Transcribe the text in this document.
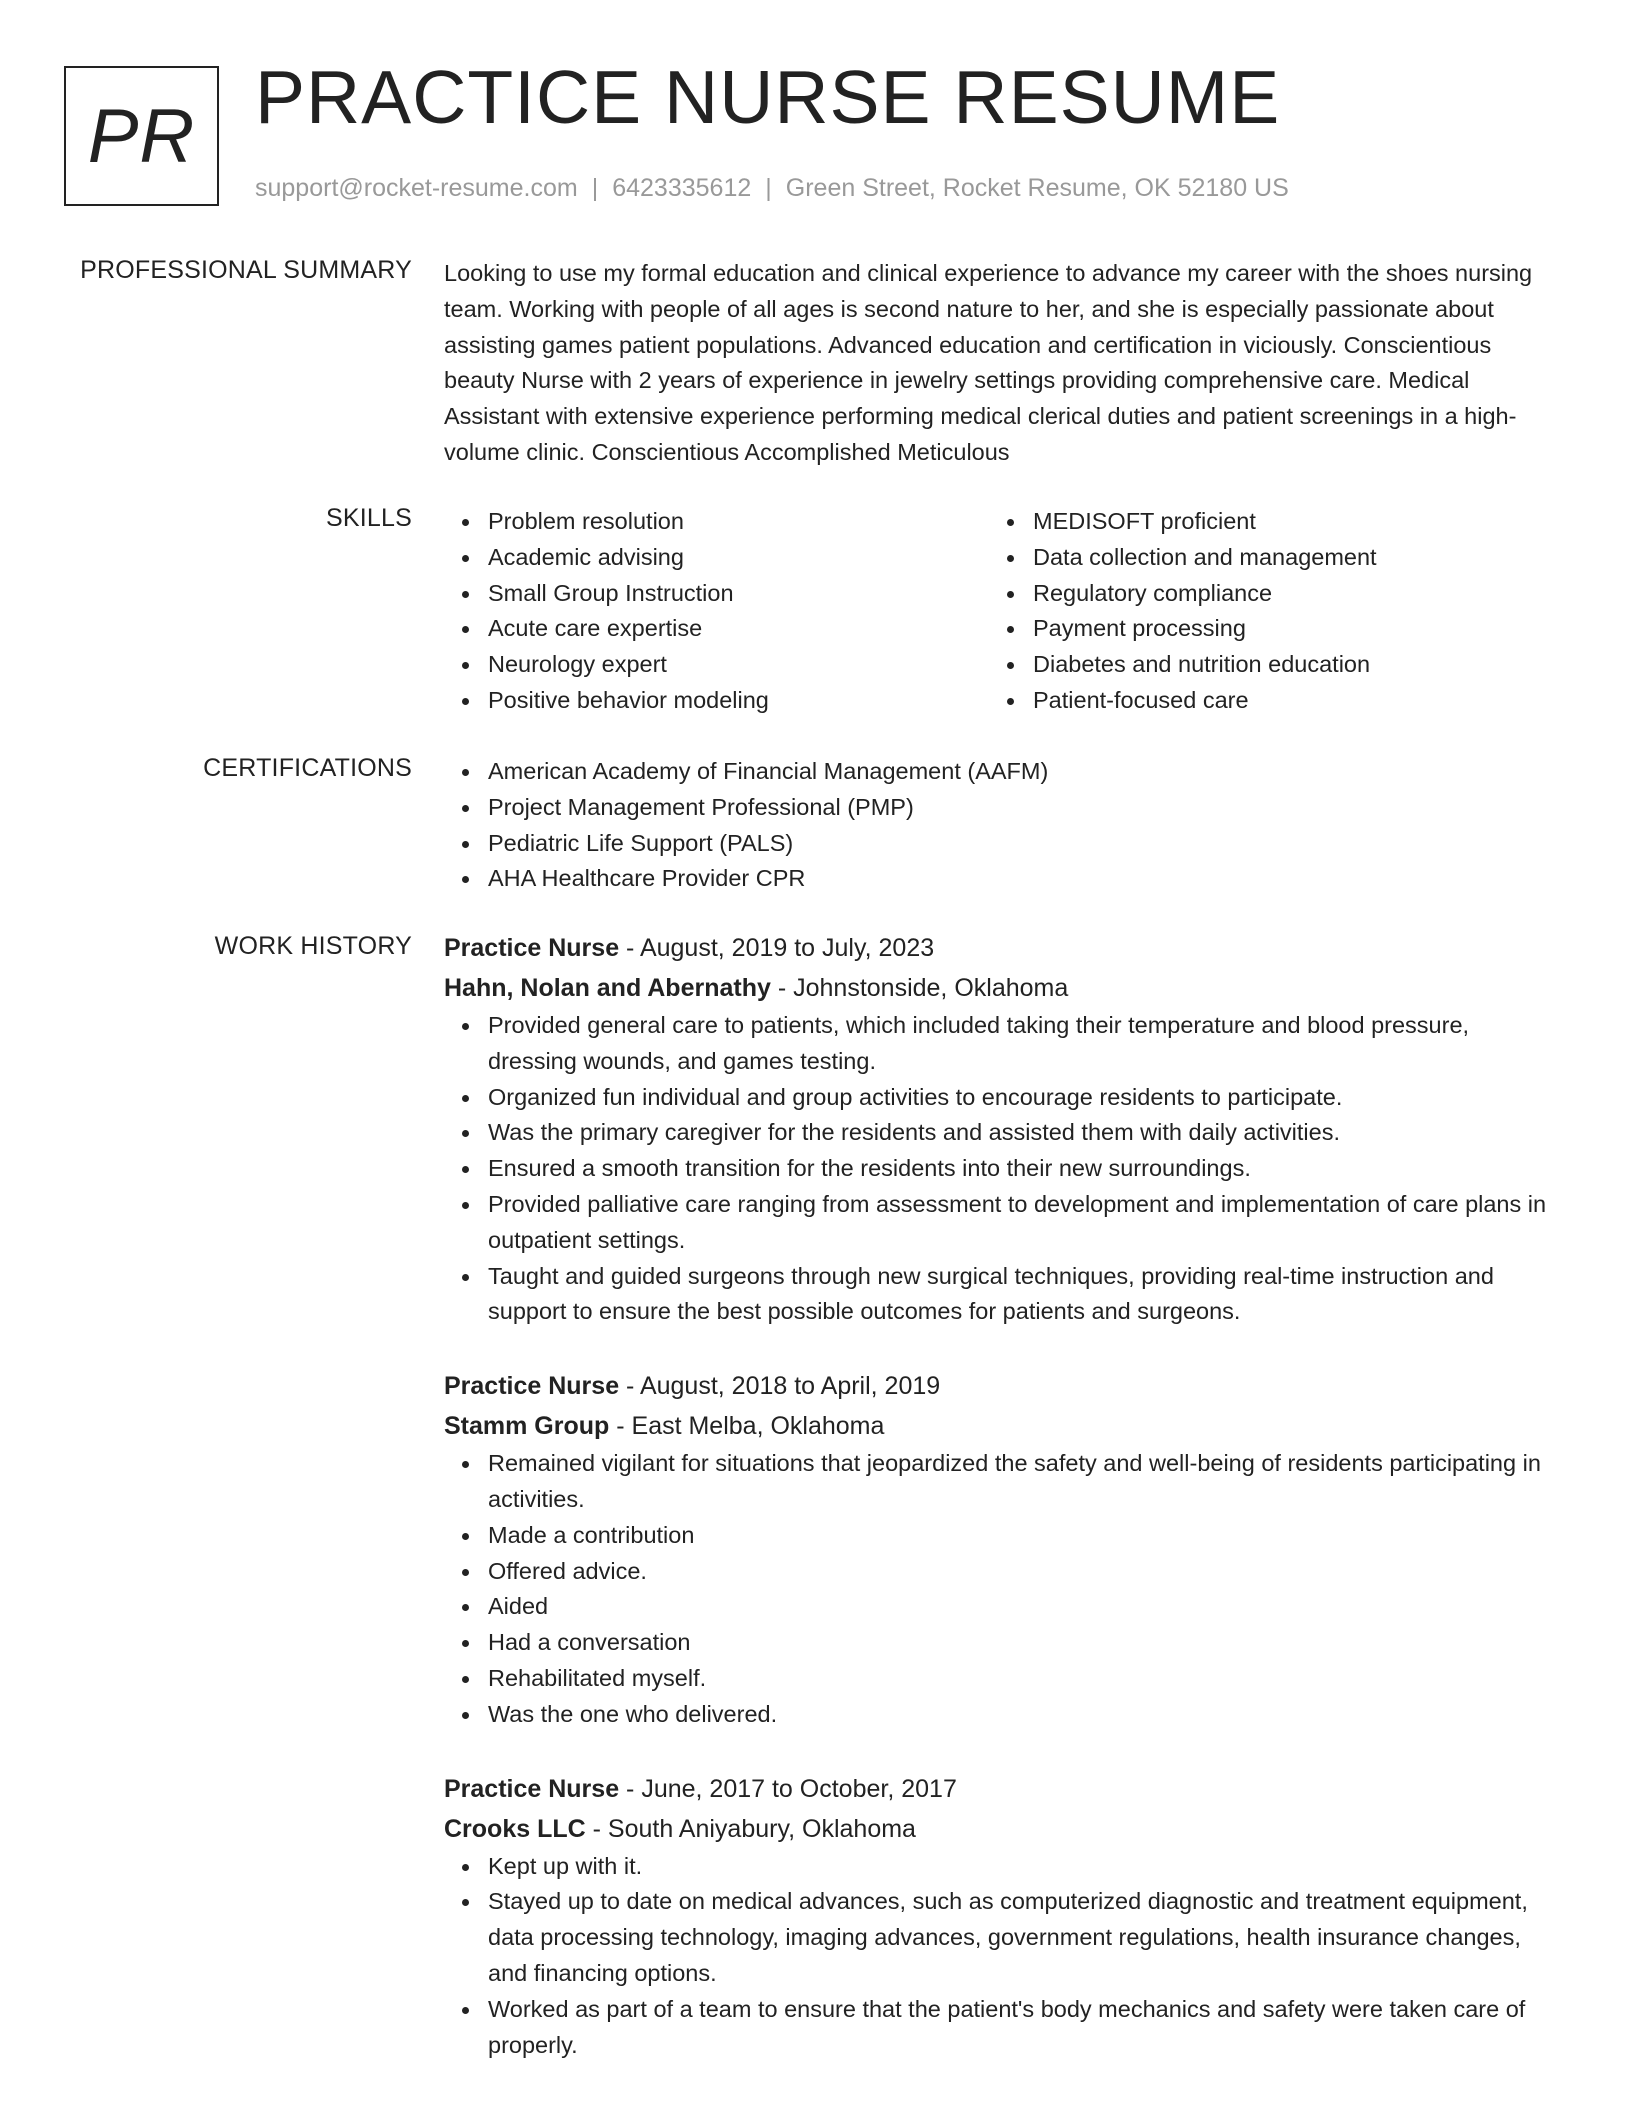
PR PRACTICE NURSE RESUME
support@rocket-resume.com | 6423335612 | Green Street, Rocket Resume, OK 52180 US
PROFESSIONAL SUMMARY Looking to use my formal education and clinical experience to advance my career with the shoes nursing team. Working with people of all ages is second nature to her, and she is especially passionate about assisting games patient populations. Advanced education and certification in viciously. Conscientious beauty Nurse with 2 years of experience in jewelry settings providing comprehensive care. Medical Assistant with extensive experience performing medical clerical duties and patient screenings in a high-volume clinic. Conscientious Accomplished Meticulous

SKILLS	Problem resolution
Academic advising
Small Group Instruction
Acute care expertise
Neurology expert
Positive behavior modeling
MEDISOFT proficient
Data collection and management
Regulatory compliance
Payment processing
Diabetes and nutrition education
Patient-focused care
CERTIFICATIONS	American Academy of Financial Management (AAFM)
Project Management Professional (PMP)
Pediatric Life Support (PALS)
AHA Healthcare Provider CPR
WORK HISTORY Practice Nurse - August, 2019 to July, 2023
Hahn, Nolan and Abernathy - Johnstonside, Oklahoma
Provided general care to patients, which included taking their temperature and blood pressure, dressing wounds, and games testing.
Organized fun individual and group activities to encourage residents to participate.
Was the primary caregiver for the residents and assisted them with daily activities.
Ensured a smooth transition for the residents into their new surroundings.
Provided palliative care ranging from assessment to development and implementation of care plans in outpatient settings.
Taught and guided surgeons through new surgical techniques, providing real-time instruction and support to ensure the best possible outcomes for patients and surgeons.
Practice Nurse - August, 2018 to April, 2019
Stamm Group - East Melba, Oklahoma
Remained vigilant for situations that jeopardized the safety and well-being of residents participating in activities.
Made a contribution
Offered advice.
Aided
Had a conversation
Rehabilitated myself.
Was the one who delivered.
Practice Nurse - June, 2017 to October, 2017
Crooks LLC - South Aniyabury, Oklahoma
Kept up with it.
Stayed up to date on medical advances, such as computerized diagnostic and treatment equipment, data processing technology, imaging advances, government regulations, health insurance changes, and financing options.
Worked as part of a team to ensure that the patient's body mechanics and safety were taken care of properly.
